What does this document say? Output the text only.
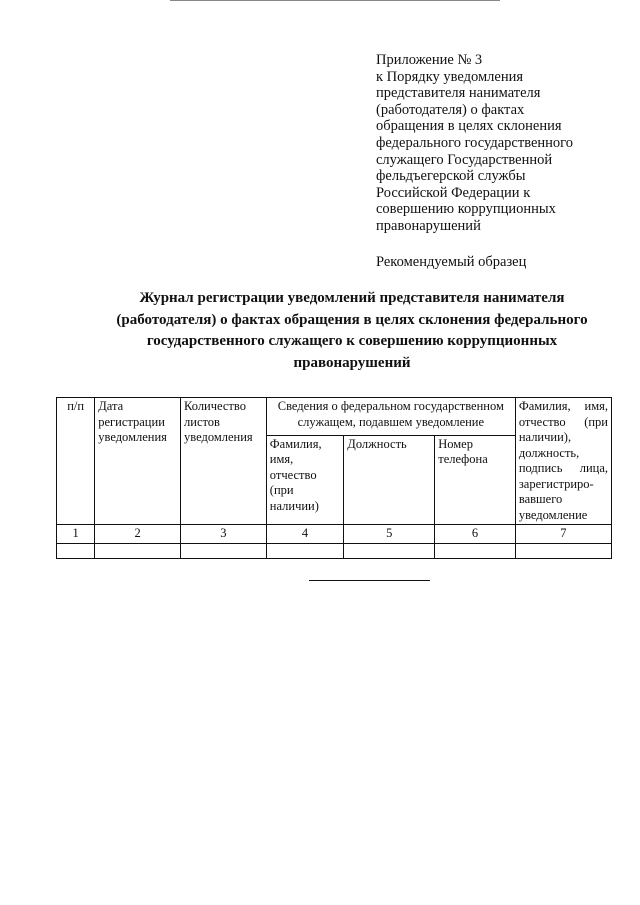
Приложение № 3
к Порядку уведомления
представителя нанимателя
(работодателя) о фактах
обращения в целях склонения
федерального государственного
служащего Государственной
фельдъегерской службы
Российской Федерации к
совершению коррупционных
правонарушений
Рекомендуемый образец
Журнал регистрации уведомлений представителя нанимателя
(работодателя) о фактах обращения в целях склонения федерального
государственного служащего к совершению коррупционных
правонарушений
п/п	Дата регистрации уведомления	Количество листов уведомления	Сведения о федеральном государственном служащем, подавшем уведомление			Фамилия, имя, отчество (при наличии), должность, подпись лица, зарегистриро-вавшего уведомление
			Фамилия, имя, отчество (при наличии)	Должность	Номер телефона	
1	2	3	4	5	6	7
